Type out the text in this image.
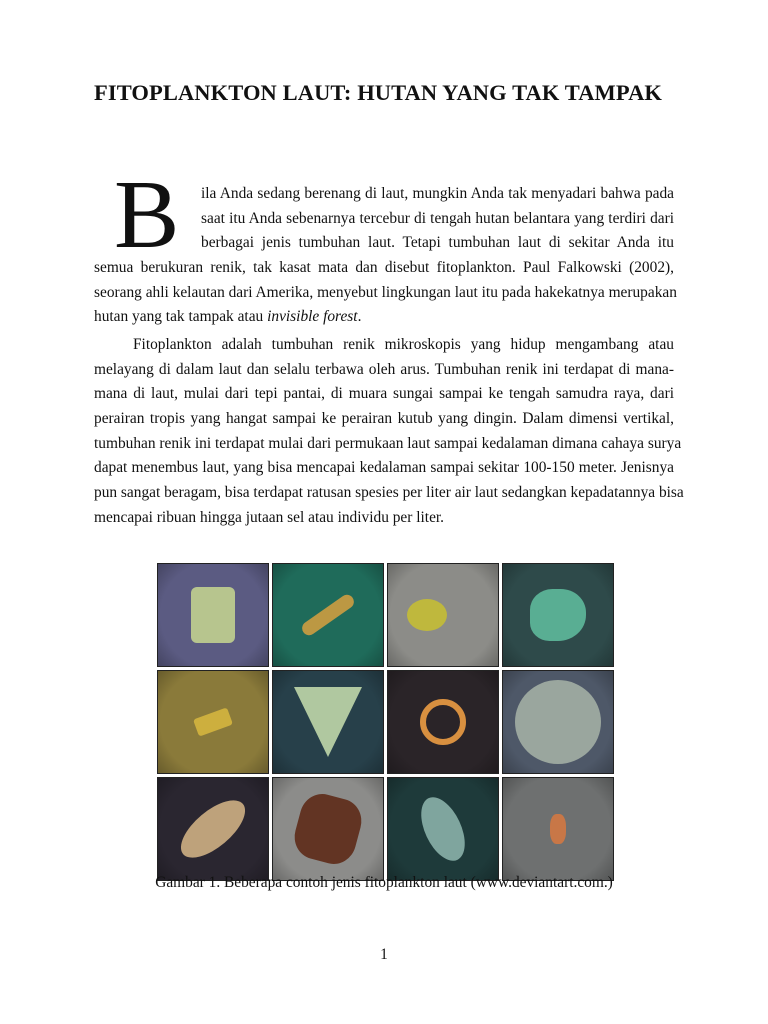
FITOPLANKTON LAUT: HUTAN YANG TAK TAMPAK
B ila Anda sedang berenang di laut, mungkin Anda tak menyadari bahwa pada
saat itu Anda sebenarnya tercebur di tengah hutan belantara yang terdiri dari
berbagai jenis tumbuhan laut. Tetapi tumbuhan laut di sekitar Anda itu
semua berukuran renik, tak kasat mata dan disebut fitoplankton. Paul Falkowski (2002),
seorang ahli kelautan dari Amerika, menyebut lingkungan laut itu pada hakekatnya merupakan
hutan yang tak tampak atau invisible forest.
Fitoplankton adalah tumbuhan renik mikroskopis yang hidup mengambang atau
melayang di dalam laut dan selalu terbawa oleh arus. Tumbuhan renik ini terdapat di mana-
mana di laut, mulai dari tepi pantai, di muara sungai sampai ke tengah samudra raya, dari
perairan tropis yang hangat sampai ke perairan kutub yang dingin. Dalam dimensi vertikal,
tumbuhan renik ini terdapat mulai dari permukaan laut sampai kedalaman dimana cahaya surya
dapat menembus laut, yang bisa mencapai kedalaman sampai sekitar 100-150 meter. Jenisnya
pun sangat beragam, bisa terdapat ratusan spesies per liter air laut sedangkan kepadatannya bisa
mencapai ribuan hingga jutaan sel atau individu per liter.
Gambar 1. Beberapa contoh jenis fitoplankton laut (www.deviantart.com.)
1
